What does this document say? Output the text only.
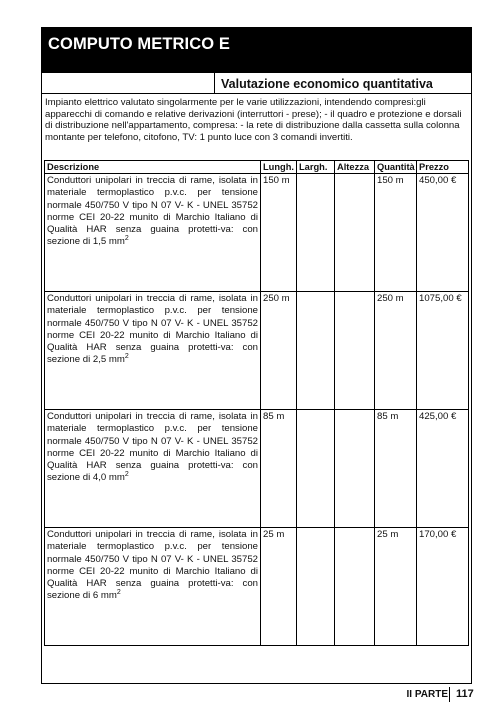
COMPUTO METRICO E
Valutazione economico quantitativa

Impianto elettrico valutato singolarmente per le varie utilizzazioni, intendendo compresi:gli apparecchi di comando e relative derivazioni (interruttori - prese); - il quadro e protezione e dorsali di distribuzione nell'appartamento, compresa: - la rete di distribuzione dalla cassetta sulla colonna montante per telefono, citofono, TV: 1 punto luce con 3 comandi invertiti.

Descrizione	Lungh.	Largh.	Altezza	Quantità	Prezzo
Conduttori unipolari in treccia di rame, isolata in materiale termoplastico p.v.c. per tensione normale 450/750 V tipo N 07 V- K - UNEL 35752 norme CEI 20-22 munito di Marchio Italiano di Qualità HAR senza guaina protetti-va: con sezione di 1,5 $mm^2$	150 m			150 m	450,00 €
Conduttori unipolari in treccia di rame, isolata in materiale termoplastico p.v.c. per tensione normale 450/750 V tipo N 07 V- K - UNEL 35752 norme CEI 20-22 munito di Marchio Italiano di Qualità HAR senza guaina protetti-va: con sezione di 2,5 $mm^2$	250 m			250 m	1075,00 €
Conduttori unipolari in treccia di rame, isolata in materiale termoplastico p.v.c. per tensione normale 450/750 V tipo N 07 V- K - UNEL 35752 norme CEI 20-22 munito di Marchio Italiano di Qualità HAR senza guaina protetti-va: con sezione di 4,0 $mm^2$	85 m			85 m	425,00 €
Conduttori unipolari in treccia di rame, isolata in materiale termoplastico p.v.c. per tensione normale 450/750 V tipo N 07 V- K - UNEL 35752 norme CEI 20-22 munito di Marchio Italiano di Qualità HAR senza guaina protetti-va: con sezione di 6 $mm^2$	25 m			25 m	170,00 €
II PARTE 117
